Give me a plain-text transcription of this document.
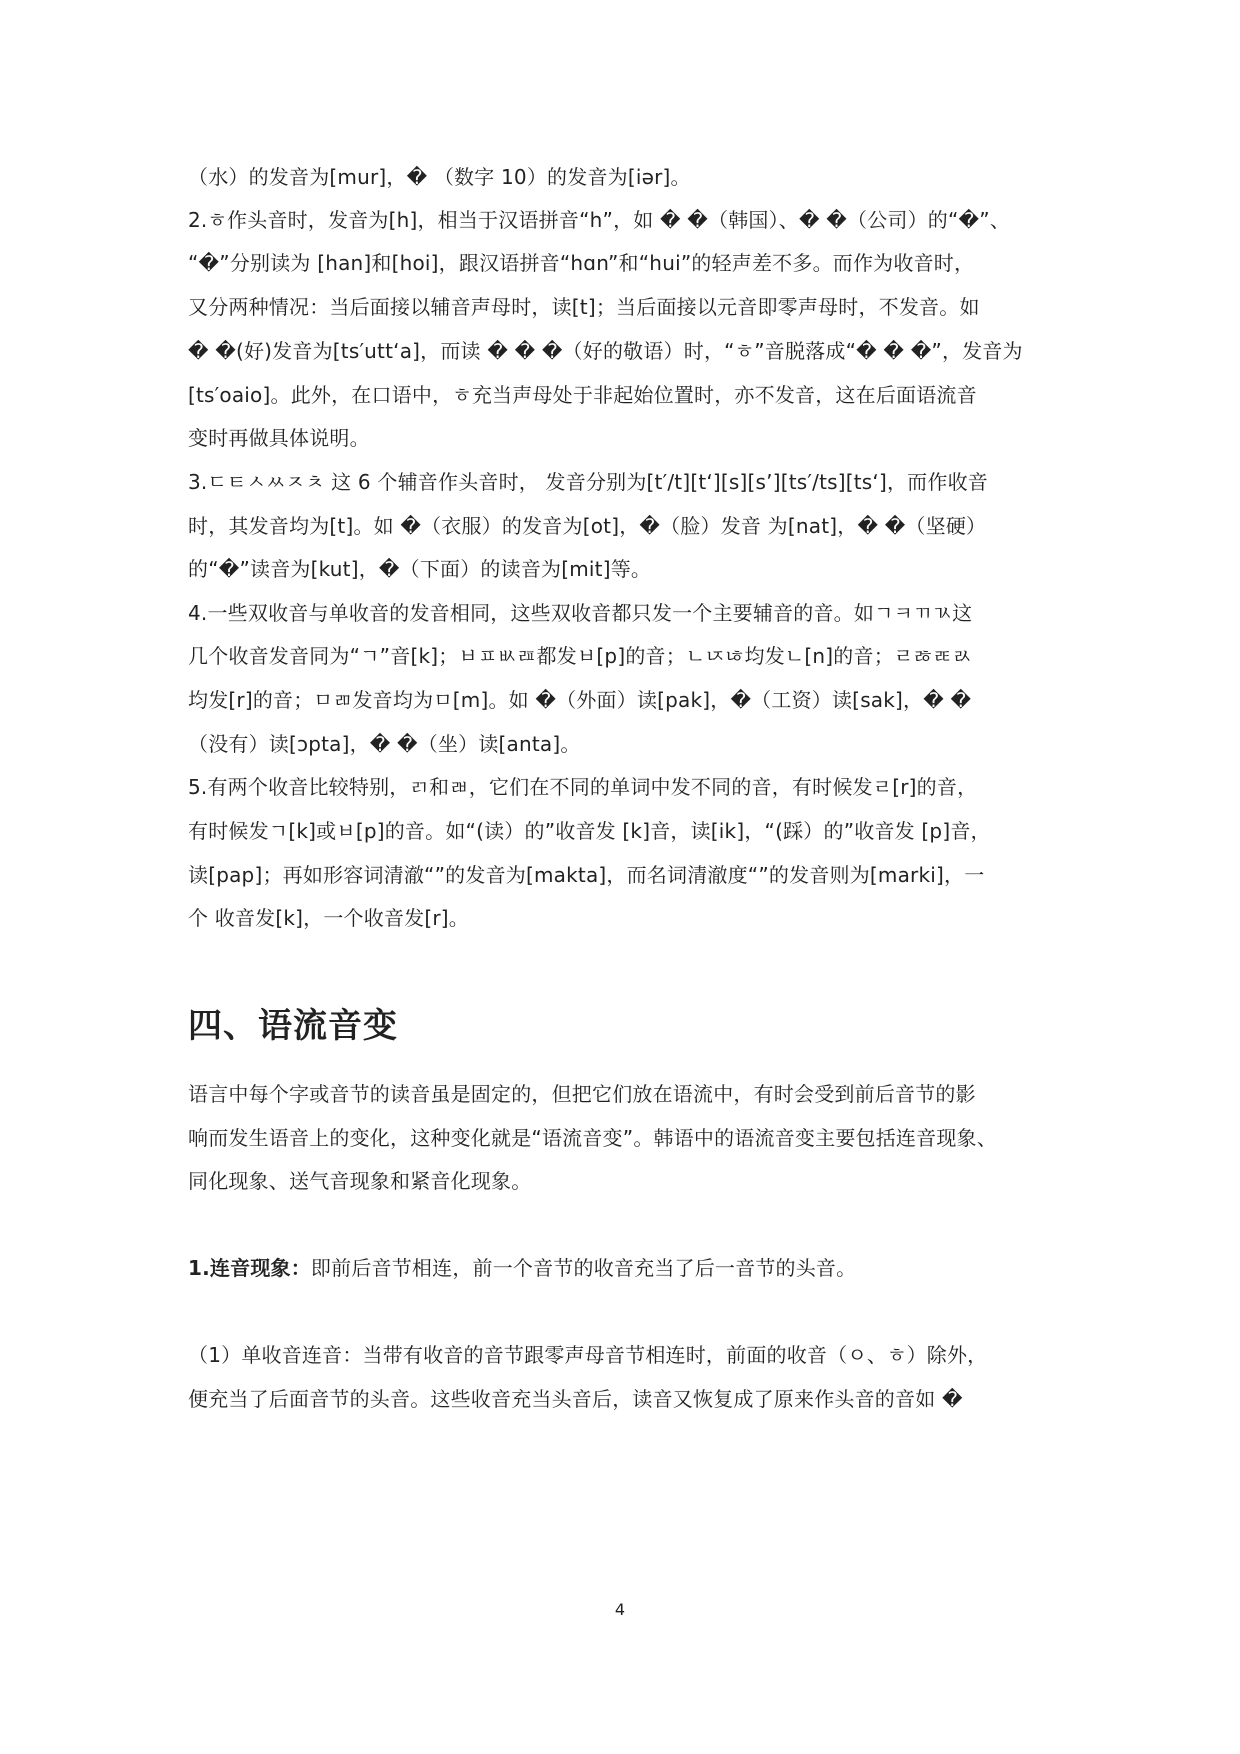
（水）的发音为[mur]，� （数字 10）的发音为[iər]。
2.ㅎ作头音时，发音为[h]，相当于汉语拼音“h”，如 � �（韩国）、� �（公司）的“�”、
“�”分别读为 [han]和[hoi]，跟汉语拼音“hɑn”和“hui”的轻声差不多。而作为收音时，
又分两种情况：当后面接以辅音声母时，读[t]；当后面接以元音即零声母时，不发音。如
� �(好)发音为[ts′utt‘a]，而读 � � �（好的敬语）时，“ㅎ”音脱落成“� � �”，发音为
[ts′oaio]。此外，在口语中，ㅎ充当声母处于非起始位置时，亦不发音，这在后面语流音
变时再做具体说明。
3.ㄷㅌㅅㅆㅈㅊ 这 6 个辅音作头音时， 发音分别为[t′/t][t‘][s][s’][ts′/ts][ts‘]，而作收音
时，其发音均为[t]。如 �（衣服）的发音为[ot]，�（脸）发音 为[nat]，� �（坚硬）
的“�”读音为[kut]，�（下面）的读音为[mit]等。
4.一些双收音与单收音的发音相同，这些双收音都只发一个主要辅音的音。如ㄱㅋㄲㄳ这
几个收音发音同为“ㄱ”音[k]；ㅂㅍㅄㄿ都发ㅂ[p]的音；ㄴㄵㄶ均发ㄴ[n]的音；ㄹㅀㄾㄽ
均发[r]的音；ㅁㄻ发音均为ㅁ[m]。如 �（外面）读[pak]，�（工资）读[sak]，� �
（没有）读[ɔpta]，� �（坐）读[anta]。
5.有两个收音比较特别，ㄺ和ㄼ，它们在不同的单词中发不同的音，有时候发ㄹ[r]的音，
有时候发ㄱ[k]或ㅂ[p]的音。如“(读）的”收音发 [k]音，读[ik]，“(踩）的”收音发 [p]音，
读[pap]；再如形容词清澈“”的发音为[makta]，而名词清澈度“”的发音则为[marki]，一
个 收音发[k]，一个收音发[r]。
四、语流音变
语言中每个字或音节的读音虽是固定的，但把它们放在语流中，有时会受到前后音节的影
响而发生语音上的变化，这种变化就是“语流音变”。韩语中的语流音变主要包括连音现象、
同化现象、送气音现象和紧音化现象。
1.连音现象：即前后音节相连，前一个音节的收音充当了后一音节的头音。
（1）单收音连音：当带有收音的音节跟零声母音节相连时，前面的收音（ㅇ、ㅎ）除外，
便充当了后面音节的头音。这些收音充当头音后，读音又恢复成了原来作头音的音如 �
4
